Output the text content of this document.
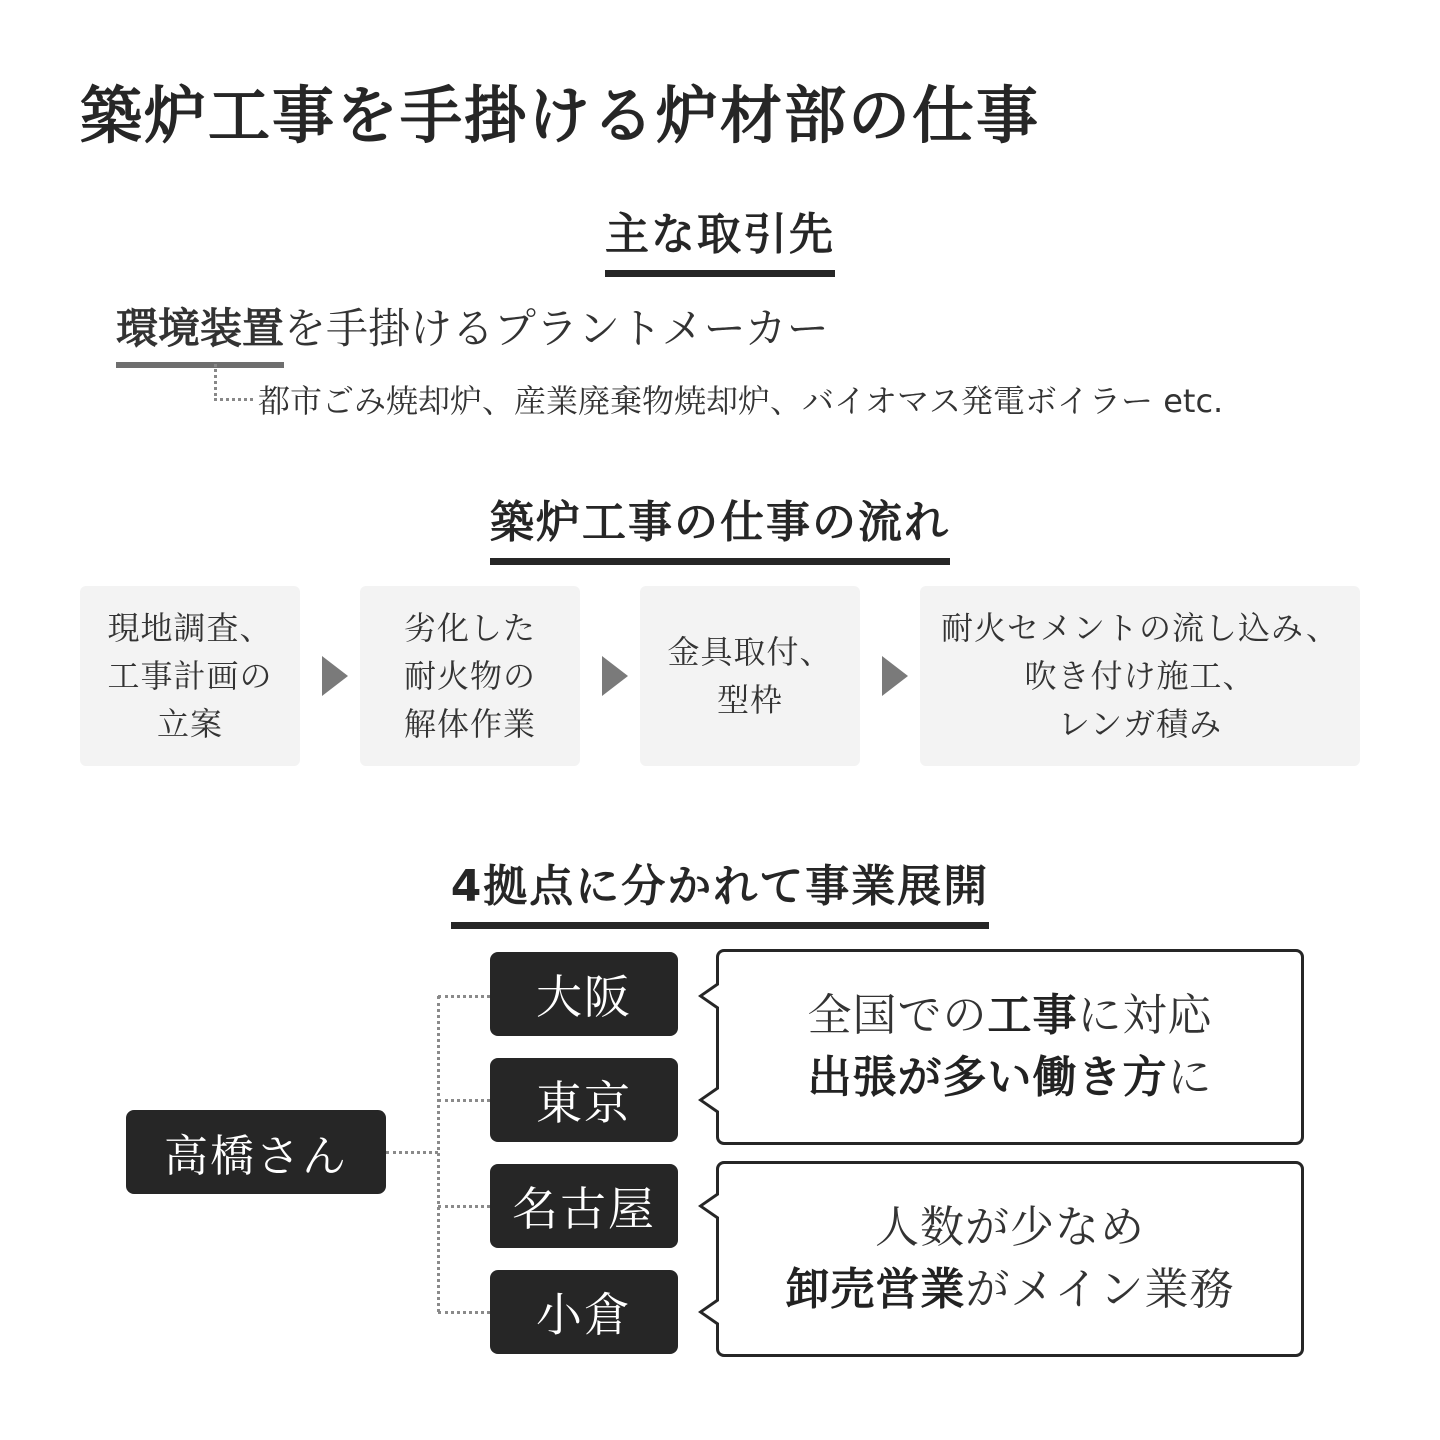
築炉工事を手掛ける炉材部の仕事
主な取引先
環境装置を手掛けるプラントメーカー
都市ごみ焼却炉、産業廃棄物焼却炉、バイオマス発電ボイラー etc.
築炉工事の仕事の流れ
現地調査、
工事計画の
立案
劣化した
耐火物の
解体作業
金具取付、
型枠
耐火セメントの流し込み、
吹き付け施工、
レンガ積み
4拠点に分かれて事業展開
高橋さん
大阪
東京
名古屋
小倉
全国での工事に対応
出張が多い働き方に
人数が少なめ
卸売営業がメイン業務
